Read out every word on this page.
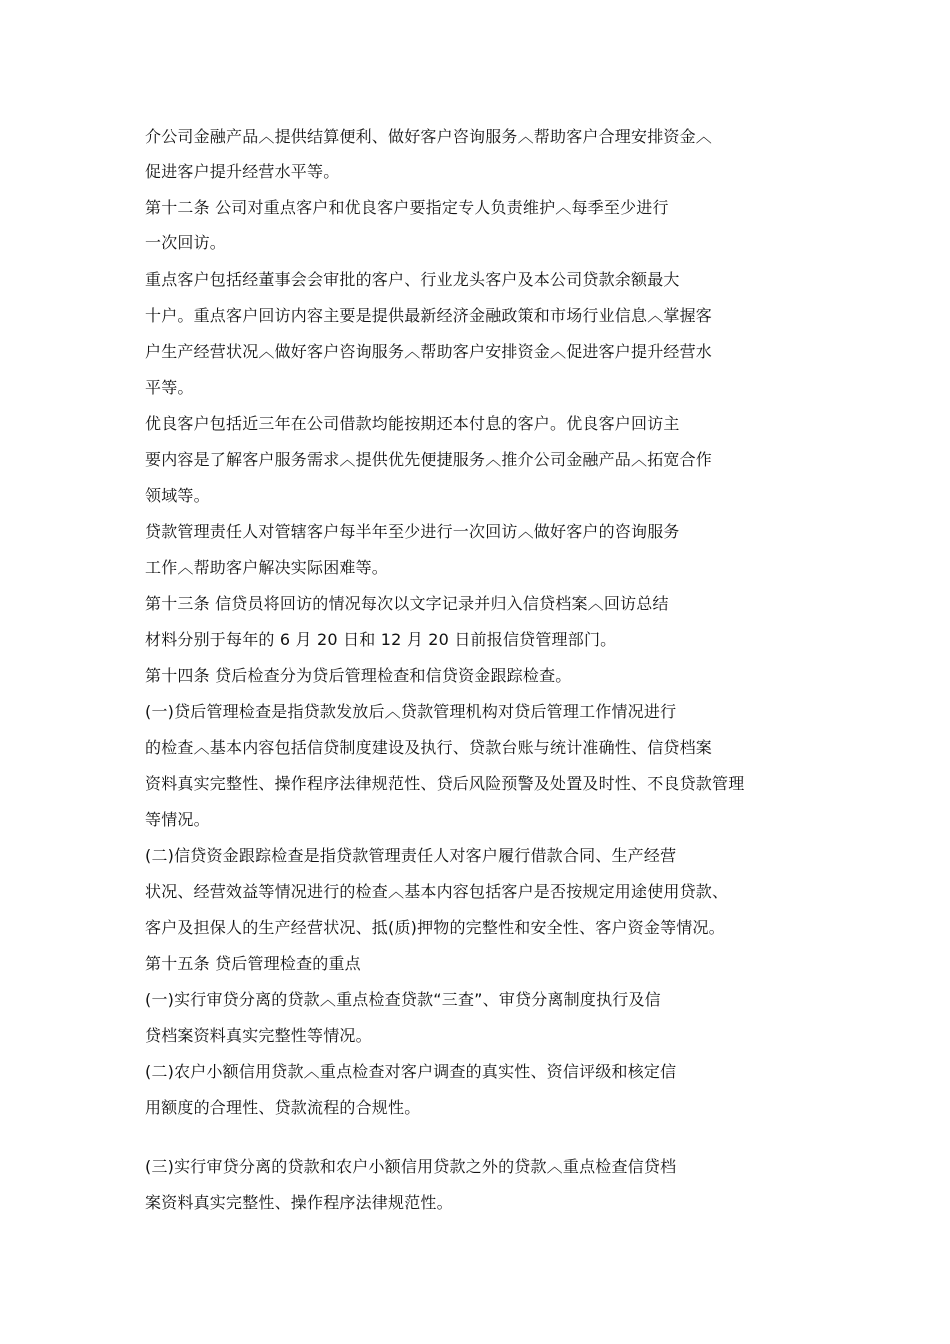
介公司金融产品︿提供结算便利、做好客户咨询服务︿帮助客户合理安排资金︿
促进客户提升经营水平等。
第十二条 公司对重点客户和优良客户要指定专人负责维护︿每季至少进行
一次回访。
重点客户包括经董事会会审批的客户、行业龙头客户及本公司贷款余额最大
十户。重点客户回访内容主要是提供最新经济金融政策和市场行业信息︿掌握客
户生产经营状况︿做好客户咨询服务︿帮助客户安排资金︿促进客户提升经营水
平等。
优良客户包括近三年在公司借款均能按期还本付息的客户。优良客户回访主
要内容是了解客户服务需求︿提供优先便捷服务︿推介公司金融产品︿拓宽合作
领域等。
贷款管理责任人对管辖客户每半年至少进行一次回访︿做好客户的咨询服务
工作︿帮助客户解决实际困难等。
第十三条 信贷员将回访的情况每次以文字记录并归入信贷档案︿回访总结
材料分别于每年的 6 月 20 日和 12 月 20 日前报信贷管理部门。
第十四条 贷后检查分为贷后管理检查和信贷资金跟踪检查。
(一)贷后管理检查是指贷款发放后︿贷款管理机构对贷后管理工作情况进行
的检查︿基本内容包括信贷制度建设及执行、贷款台账与统计准确性、信贷档案
资料真实完整性、操作程序法律规范性、贷后风险预警及处置及时性、不良贷款管理
等情况。
(二)信贷资金跟踪检查是指贷款管理责任人对客户履行借款合同、生产经营
状况、经营效益等情况进行的检查︿基本内容包括客户是否按规定用途使用贷款、
客户及担保人的生产经营状况、抵(质)押物的完整性和安全性、客户资金等情况。
第十五条 贷后管理检查的重点
(一)实行审贷分离的贷款︿重点检查贷款“三查”、审贷分离制度执行及信
贷档案资料真实完整性等情况。
(二)农户小额信用贷款︿重点检查对客户调查的真实性、资信评级和核定信
用额度的合理性、贷款流程的合规性。
(三)实行审贷分离的贷款和农户小额信用贷款之外的贷款︿重点检查信贷档
案资料真实完整性、操作程序法律规范性。
